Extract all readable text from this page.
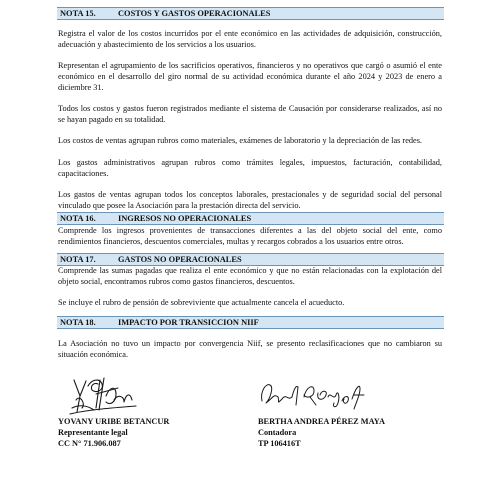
NOTA 15.	COSTOS Y GASTOS OPERACIONALES

Registra el valor de los costos incurridos por el ente económico en las actividades de adquisición, construcción, adecuación y abastecimiento de los servicios a los usuarios.

Representan el agrupamiento de los sacrificios operativos, financieros y no operativos que cargó o asumió el ente económico en el desarrollo del giro normal de su actividad económica durante el año 2024 y 2023 de enero a diciembre 31.

Todos los costos y gastos fueron registrados mediante el sistema de Causación por considerarse realizados, así no se hayan pagado en su totalidad.

Los costos de ventas agrupan rubros como materiales, exámenes de laboratorio y la depreciación de las redes.

Los gastos administrativos agrupan rubros como trámites legales, impuestos, facturación, contabilidad, capacitaciones.

Los gastos de ventas agrupan todos los conceptos laborales, prestacionales y de seguridad social del personal vinculado que posee la Asociación para la prestación directa del servicio.

NOTA 16.	INGRESOS NO OPERACIONALES

Comprende los ingresos provenientes de transacciones diferentes a las del objeto social del ente, como rendimientos financieros, descuentos comerciales, multas y recargos cobrados a los usuarios entre otros.

NOTA 17.	GASTOS NO OPERACIONALES

Comprende las sumas pagadas que realiza el ente económico y que no están relacionadas con la explotación del objeto social, encontramos rubros como gastos financieros, descuentos.

Se incluye el rubro de pensión de sobreviviente que actualmente cancela el acueducto.

NOTA 18.	IMPACTO POR TRANSICCION NIIF

La Asociación no tuvo un impacto por convergencia Niif, se presento reclasificaciones que no cambiaron su situación económica.

YOVANY URIBE BETANCUR

Representante legal

CC N° 71.906.087

BERTHA ANDREA PÉREZ MAYA

Contadora

TP 106416T
